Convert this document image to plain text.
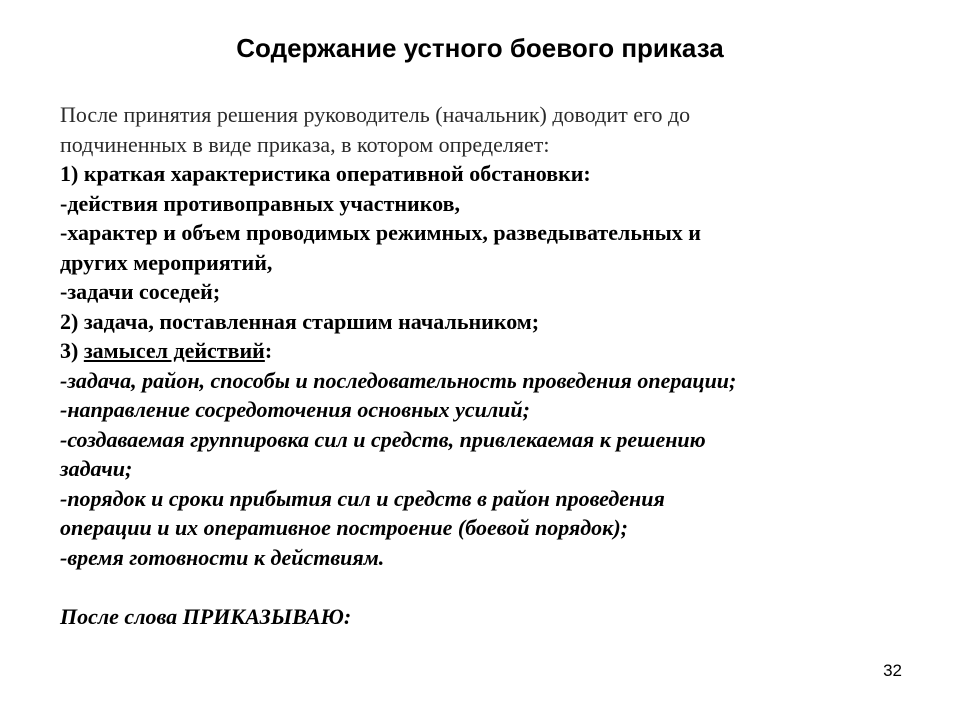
Содержание устного боевого приказа
После принятия решения руководитель (начальник) доводит его до
подчиненных в виде приказа, в котором определяет:
1) краткая характеристика оперативной обстановки:
-действия противоправных участников,
-характер и объем проводимых режимных, разведывательных и
других мероприятий,
-задачи соседей;
2) задача, поставленная старшим начальником;
3) замысел действий:
-задача, район, способы и последовательность проведения операции;
-направление сосредоточения основных усилий;
-создаваемая группировка сил и средств, привлекаемая к решению
задачи;
-порядок и сроки прибытия сил и средств в район проведения
операции и их оперативное построение (боевой порядок);
-время готовности к действиям.
После слова ПРИКАЗЫВАЮ:
32
